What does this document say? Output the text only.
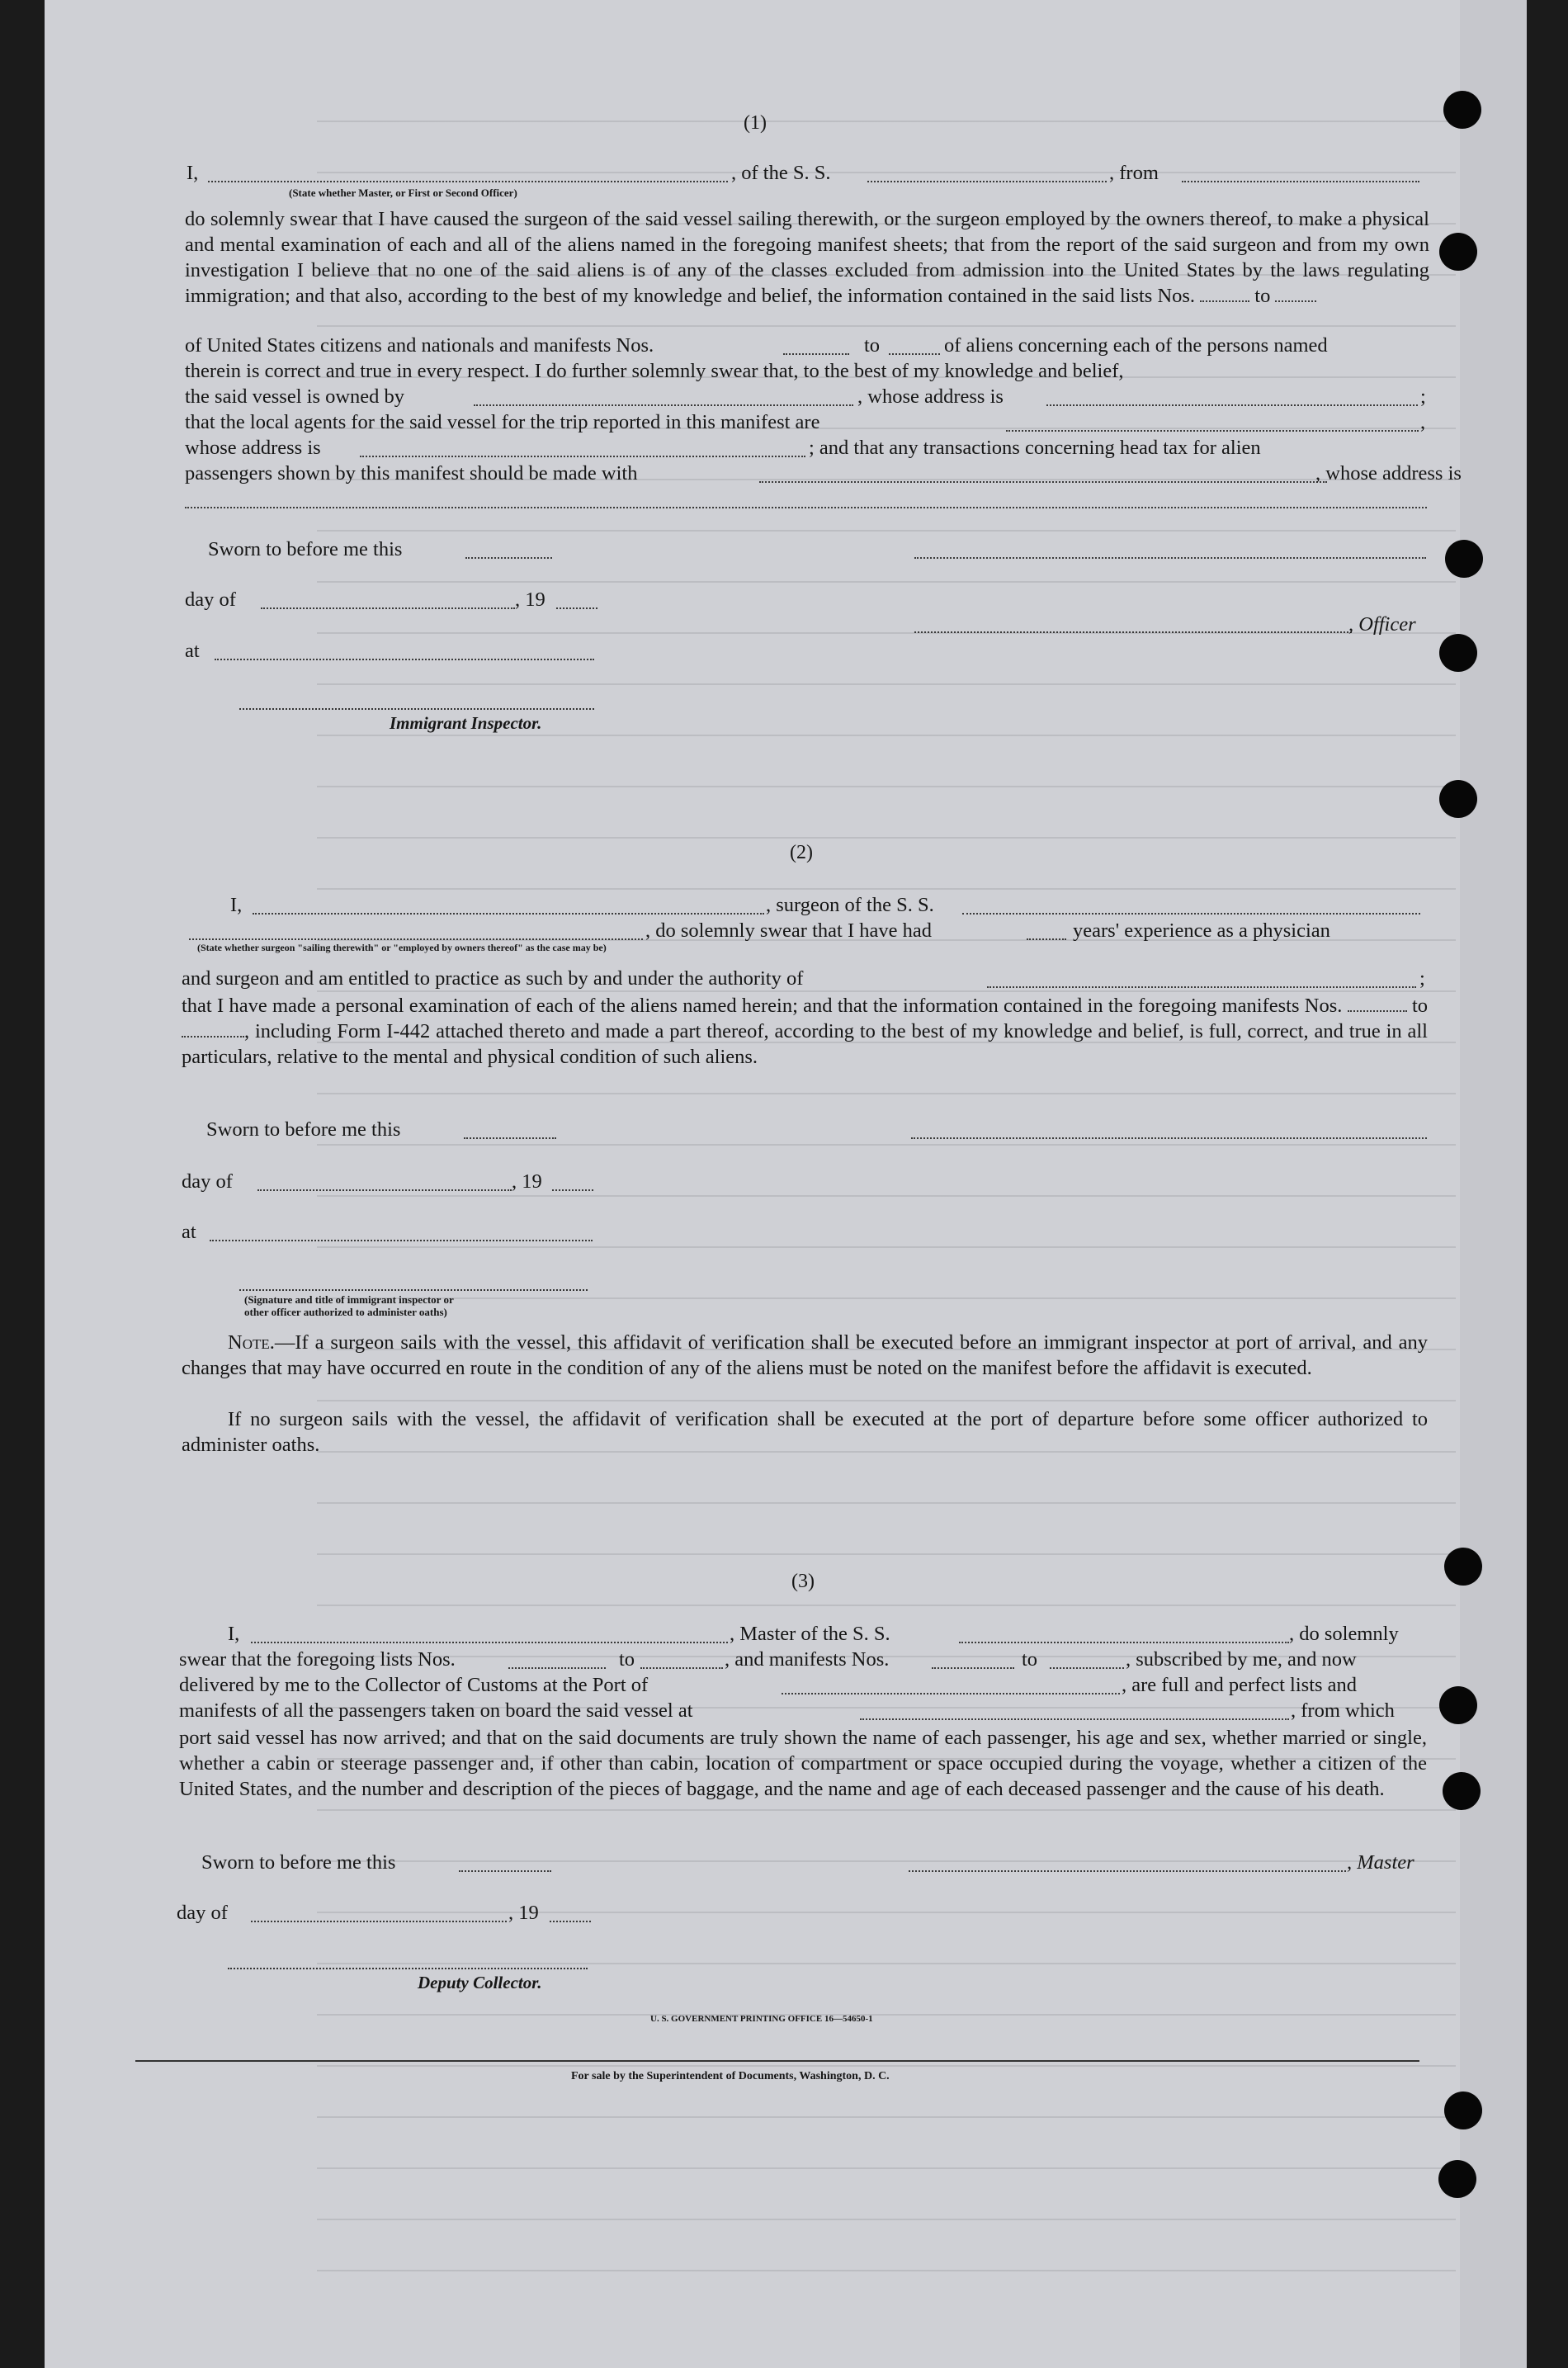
(1)
I,	, of the S. S.	, from
(State whether Master, or First or Second Officer)
do solemnly swear that I have caused the surgeon of the said vessel sailing therewith, or the surgeon employed by the owners thereof, to make a physical and mental examination of each and all of the aliens named in the foregoing manifest sheets; that from the report of the said surgeon and from my own investigation I believe that no one of the said aliens is of any of the classes excluded from admission into the United States by the laws regulating immigration; and that also, according to the best of my knowledge and belief, the information contained in the said lists Nos.	to
of United States citizens and nationals and manifests Nos.	to	of aliens concerning each of the persons named
therein is correct and true in every respect. I do further solemnly swear that, to the best of my knowledge and belief,
the said vessel is owned by	, whose address is	;
that the local agents for the said vessel for the trip reported in this manifest are	,
whose address is	; and that any transactions concerning head tax for alien
passengers shown by this manifest should be made with	, whose address is
Sworn to before me this
day of	, 19
, Officer
at
Immigrant Inspector.
(2)
I,	, surgeon of the S. S.
, do solemnly swear that I have had	years' experience as a physician
(State whether surgeon "sailing therewith" or "employed by owners thereof" as the case may be)
and surgeon and am entitled to practice as such by and under the authority of	;
that I have made a personal examination of each of the aliens named herein; and that the information contained in the foregoing manifests Nos.	to , including Form I-442 attached thereto and made a part thereof, according to the best of my knowledge and belief, is full, correct, and true in all particulars, relative to the mental and physical condition of such aliens.
Sworn to before me this
day of	, 19
at
(Signature and title of immigrant inspector or
other officer authorized to administer oaths)
Note.—If a surgeon sails with the vessel, this affidavit of verification shall be executed before an immigrant inspector at port of arrival, and any changes that may have occurred en route in the condition of any of the aliens must be noted on the manifest before the affidavit is executed.
If no surgeon sails with the vessel, the affidavit of verification shall be executed at the port of departure before some officer authorized to administer oaths.
(3)
I,	, Master of the S. S.	, do solemnly
swear that the foregoing lists Nos.	to	, and manifests Nos.	to	, subscribed by me, and now
delivered by me to the Collector of Customs at the Port of	, are full and perfect lists and
manifests of all the passengers taken on board the said vessel at	, from which
port said vessel has now arrived; and that on the said documents are truly shown the name of each passenger, his age and sex, whether married or single, whether a cabin or steerage passenger and, if other than cabin, location of compartment or space occupied during the voyage, whether a citizen of the United States, and the number and description of the pieces of baggage, and the name and age of each deceased passenger and the cause of his death.
Sworn to before me this	, Master
day of	, 19
Deputy Collector.
U. S. GOVERNMENT PRINTING OFFICE 16—54650-1
For sale by the Superintendent of Documents, Washington, D. C.
